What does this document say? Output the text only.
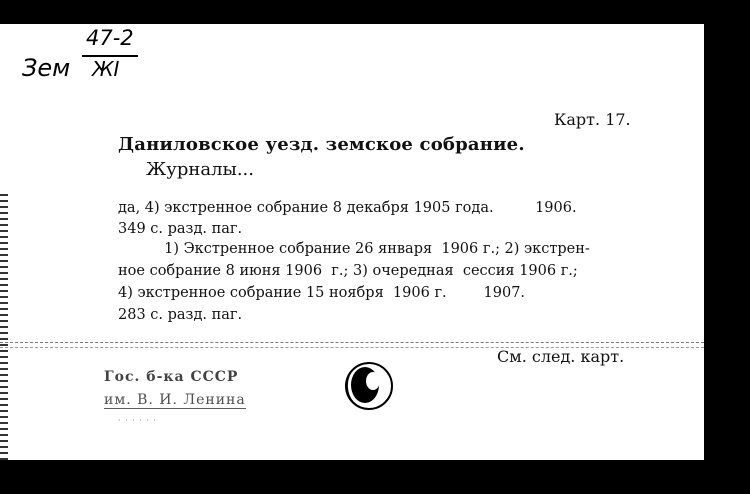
47-2
Зем ЖI
Карт. 17.
Даниловское уезд. земское собрание.
Журналы...
да, 4) экстренное собрание 8 декабря 1905 года.         1906.
349 с. разд. паг.
1) Экстренное собрание 26 января  1906 г.; 2) экстрен-
ное собрание 8 июня 1906  г.; 3) очередная  сессия 1906 г.;
4) экстренное собрание 15 ноября  1906 г.        1907.
283 с. разд. паг.
См. след. карт.
Гос. б-ка СССР
им. В. И. Ленина
· · · · · ·
